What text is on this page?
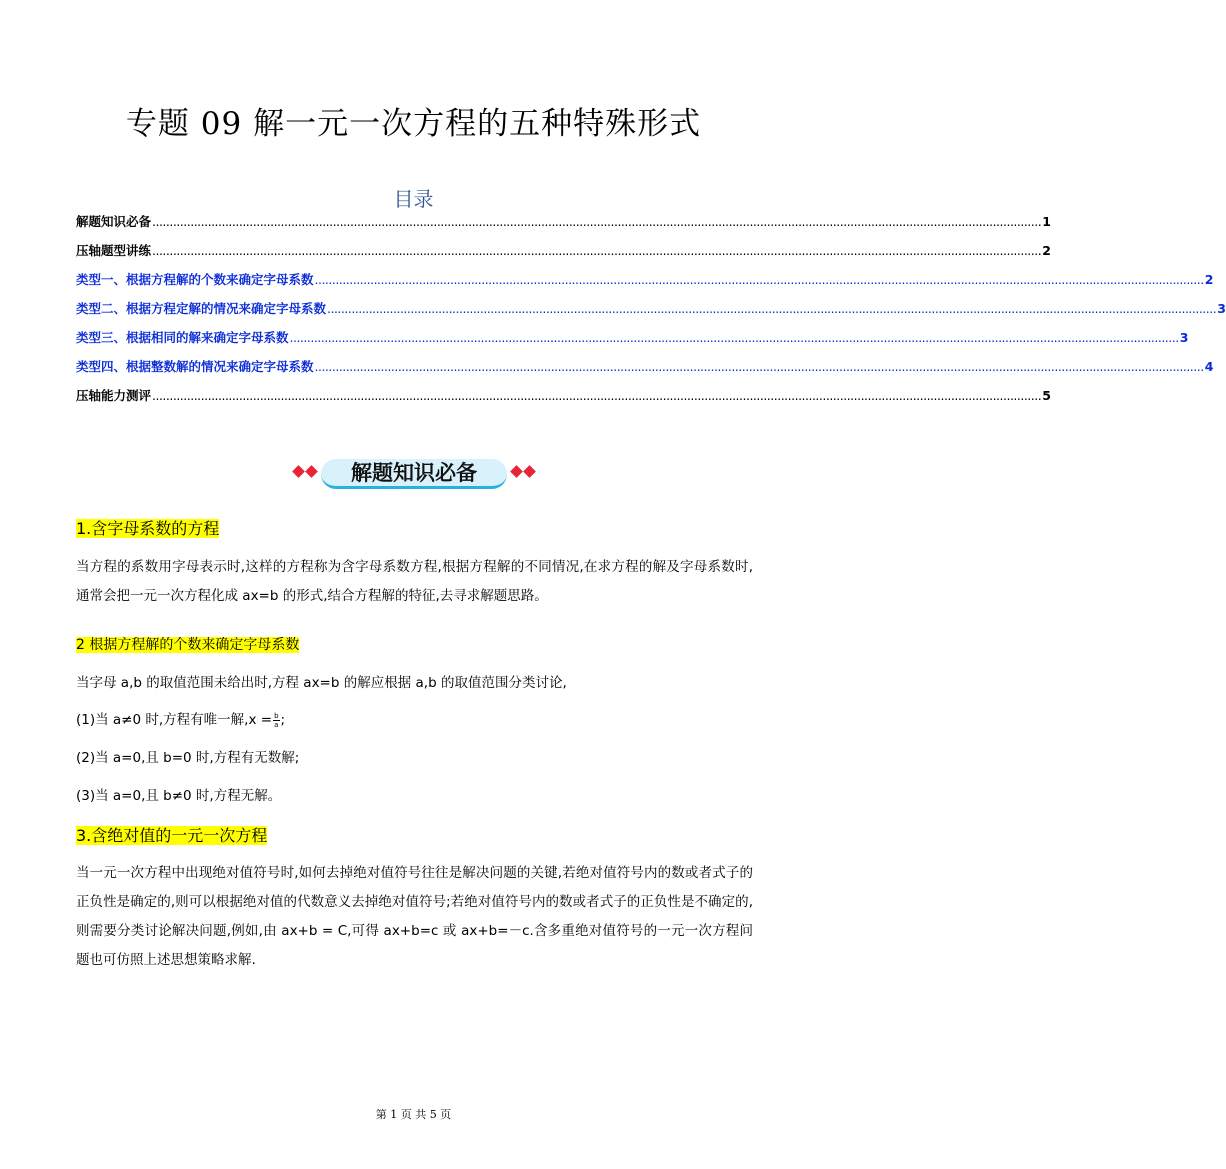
专题 09 解一元一次方程的五种特殊形式
目录
解题知识必备 ................................................................................................................................................................................................................................................................ 1
压轴题型讲练 ................................................................................................................................................................................................................................................................ 2
类型一、根据方程解的个数来确定字母系数 ................................................................................................................................................................................................................................................................ 2
类型二、根据方程定解的情况来确定字母系数 ................................................................................................................................................................................................................................................................ 3
类型三、根据相同的解来确定字母系数 ................................................................................................................................................................................................................................................................ 3
类型四、根据整数解的情况来确定字母系数 ................................................................................................................................................................................................................................................................ 4
压轴能力测评 ................................................................................................................................................................................................................................................................ 5
解题知识必备
1.含字母系数的方程
当方程的系数用字母表示时,这样的方程称为含字母系数方程,根据方程解的不同情况,在求方程的解及字母系数时,通常会把一元一次方程化成 ax=b 的形式,结合方程解的特征,去寻求解题思路。
2 根据方程解的个数来确定字母系数
当字母 a,b 的取值范围未给出时,方程 ax=b 的解应根据 a,b 的取值范围分类讨论,
(1)当 a≠0 时,方程有唯一解$,x = \frac{b}{a}$ ;
(2)当 a=0,且 b=0 时,方程有无数解;
(3)当 a=0,且 b≠0 时,方程无解。
3.含绝对值的一元一次方程
当一元一次方程中出现绝对值符号时,如何去掉绝对值符号往往是解决问题的关键,若绝对值符号内的数或者式子的正负性是确定的,则可以根据绝对值的代数意义去掉绝对值符号;若绝对值符号内的数或者式子的正负性是不确定的,则需要分类讨论解决问题,例如,由 ax+b = C,可得 ax+b=c 或 ax+b=－c.含多重绝对值符号的一元一次方程问题也可仿照上述思想策略求解.
第 1 页 共 5 页
